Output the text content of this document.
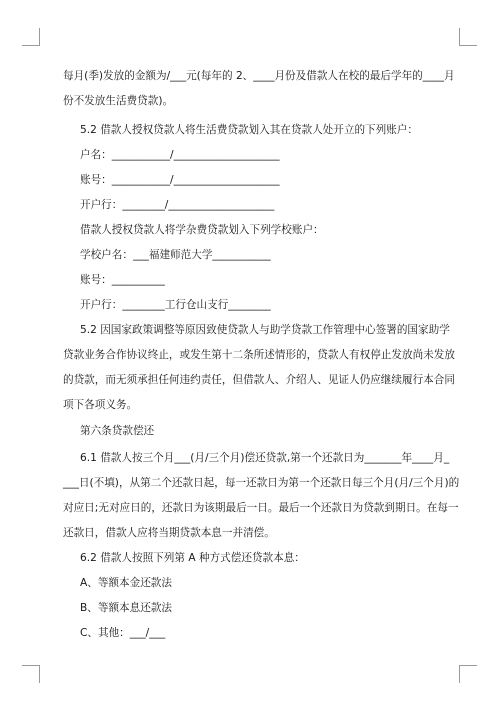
每月(季)发放的金额为/___元(每年的 2、____月份及借款人在校的最后学年的____月
份不发放生活费贷款)。
5.2 借款人授权贷款人将生活费贷款划入其在贷款人处开立的下列账户：
户名：___________/____________________
账号：___________/____________________
开户行：________/____________________
借款人授权贷款人将学杂费贷款划入下列学校账户：
学校户名：___福建师范大学___________
账号：__________
开户行：________工行仓山支行________
5.2 因国家政策调整等原因致使贷款人与助学贷款工作管理中心签署的国家助学
贷款业务合作协议终止，或发生第十二条所述情形的，贷款人有权停止发放尚未发放
的贷款，而无须承担任何违约责任，但借款人、介绍人、见证人仍应继续履行本合同
项下各项义务。
第六条贷款偿还
6.1 借款人按三个月___(月/三个月)偿还贷款,第一个还款日为_______年____月_
___日(不填)，从第二个还款日起，每一还款日为第一个还款日每三个月(月/三个月)的
对应日;无对应日的，还款日为该期最后一日。最后一个还款日为贷款到期日。在每一
还款日，借款人应将当期贷款本息一并清偿。
6.2 借款人按照下列第 A 种方式偿还贷款本息：
A、等额本金还款法
B、等额本息还款法
C、其他：___/___
